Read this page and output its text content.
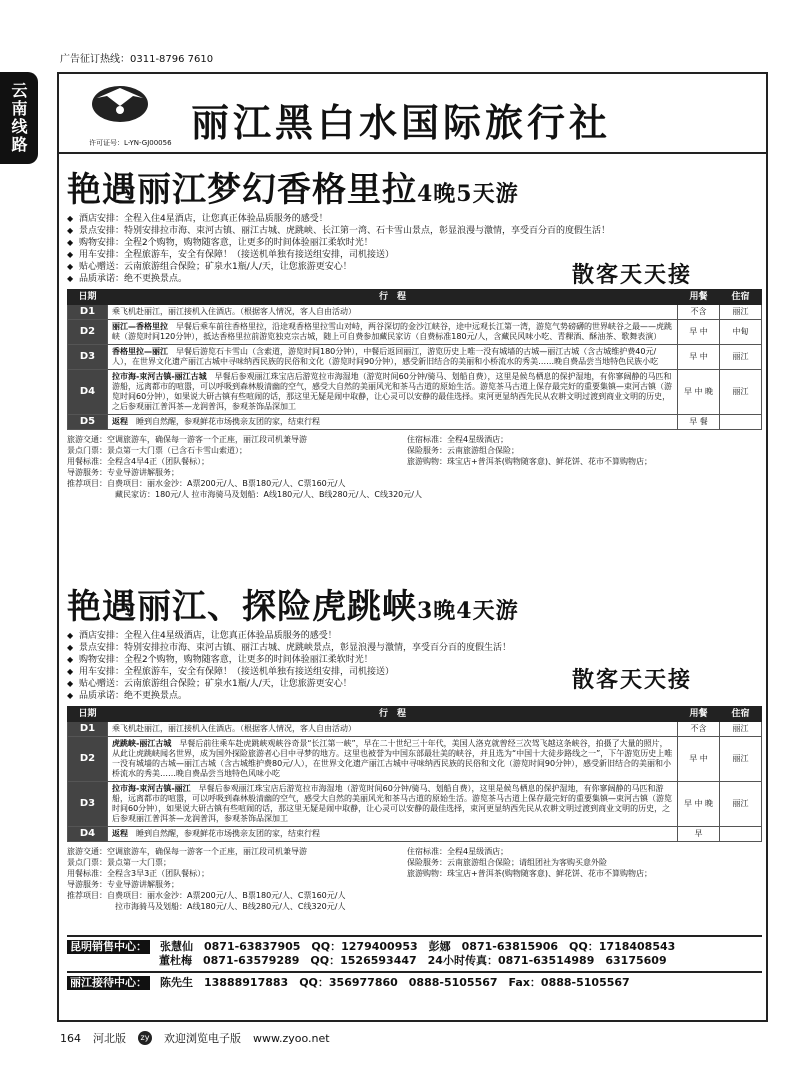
广告征订热线：0311-8796 7610
云南线路	丽江黑白水国际旅行社
许可证号：L-YN-GJ00056
艳遇丽江梦幻香格里拉4晚5天游
◆ 酒店安排：全程入住4星酒店，让您真正体验品质服务的感受！
◆ 景点安排：特别安排拉市海、束河古镇、丽江古城、虎跳峡、长江第一湾、石卡雪山景点，彰显浪漫与激情，享受百分百的度假生活！
◆ 购物安排：全程2个购物，购物随客意，让更多的时间体验丽江柔软时光！
◆ 用车安排：全程旅游车，安全有保障！（接送机单独有接送组安排，司机接送）
◆ 贴心赠送：云南旅游组合保险；矿泉水1瓶/人/天，让您旅游更安心！
◆ 品质承诺：绝不更换景点。	散客天天接
日期	行　程	用餐	住宿
D1	乘飞机赴丽江，丽江接机入住酒店。（根据客人情况，客人自由活动）	不含	丽江
D2	丽江—香格里拉　 早餐后乘车前往香格里拉，沿途观香格里拉雪山对峙，两谷深切的金沙江峡谷，途中远观长江第一湾，游览气势磅礴的世界峡谷之最——虎跳峡（游览时间120分钟），抵达香格里拉前游览独克宗古城，随上可自费参加藏民家访（自费标准180元/人，含藏民风味小吃、青稞酒、酥油茶、歌舞表演）	早 中	中甸
D3	香格里拉—丽江　 早餐后游览石卡雪山（含索道，游览时间180分钟），中餐后返回丽江，游览历史上唯一没有城墙的古城—丽江古城（含古城维护费40元/人），在世界文化遗产丽江古城中寻味纳西民族的民俗和文化（游览时间90分钟），感受新旧结合的美丽和小桥流水的秀美……晚自费品尝当地特色民族小吃	早 中	丽江
D4	拉市海-束河古镇-丽江古城　 早餐后参观丽江珠宝店后游览拉市海湿地（游览时间60分钟/骑马、划船自费），这里是候鸟栖息的保护湿地，有你寥阔静的马匹和游船，远离都市的喧嚣，可以呼吸到森林般清幽的空气，感受大自然的美丽风光和茶马古道的原始生活。游览茶马古道上保存最完好的重要集镇—束河古镇（游览时间60分钟），如果说大研古镇有些喧闹的话，那这里无疑是闹中取静，让心灵可以安静的最佳选择。束河更显纳西先民从农耕文明过渡到商业文明的历史，之后参观丽江普洱茶—龙润普洱，参观茶饰品深加工	早 中 晚	丽江
D5	返程　 睡到自然醒，参观鲜花市场携亲友团的家，结束行程	早 餐	
旅游交通：空调旅游车，确保每一游客一个正座，丽江段司机兼导游	住宿标准：全程4星级酒店；
景点门票：景点第一大门票（已含石卡雪山索道）；	保险服务：云南旅游组合保险；
用餐标准：全程含4早4正（团队餐标）；	旅游购物：珠宝店+普洱茶(购物随客意)、鲜花饼、花市不算购物店；
导游服务：专业导游讲解服务；
推荐项目：自费项目：丽水金沙：A票200元/人、B票180元/人、C票160元/人
藏民家访：180元/人 拉市海骑马及划船：A线180元/人、B线280元/人、C线320元/人
艳遇丽江、探险虎跳峡3晚4天游
◆ 酒店安排：全程入住4星级酒店，让您真正体验品质服务的感受！
◆ 景点安排：特别安排拉市海、束河古镇、丽江古城、虎跳峡景点，彰显浪漫与激情，享受百分百的度假生活！
◆ 购物安排：全程2个购物，购物随客意，让更多的时间体验丽江柔软时光！
◆ 用车安排：全程旅游车，安全有保障！（接送机单独有接送组安排，司机接送）
◆ 贴心赠送：云南旅游组合保险；矿泉水1瓶/人/天，让您旅游更安心！
◆ 品质承诺：绝不更换景点。
散客天天接
日期	行　程	用餐	住宿
D1	乘飞机赴丽江，丽江接机入住酒店。（根据客人情况，客人自由活动）	不含	丽江
D2	虎跳峡-丽江古城　 早餐后前往乘车赴虎跳峡观峡谷奇景“长江第一峡”，早在二十世纪三十年代，美国人洛克就曾经三次驾飞越这条峡谷，拍摄了大量的照片，从此让虎跳峡闻名世界，成为国外探险旅游者心目中寻梦的地方。这里也被誉为中国东部最壮美的峡谷，并且选为“中国十大徒步路线之一”，下午游览历史上唯一没有城墙的古城—丽江古城（含古城维护费80元/人），在世界文化遗产丽江古城中寻味纳西民族的民俗和文化（游览时间90分钟），感受新旧结合的美丽和小桥流水的秀美……晚自费品尝当地特色风味小吃	早 中	丽江
D3	拉市海-束河古镇-丽江　 早餐后参观丽江珠宝店后游览拉市海湿地（游览时间60分钟/骑马、划船自费），这里是候鸟栖息的保护湿地，有你寥阔静的马匹和游船，远离都市的喧嚣，可以呼吸到森林般清幽的空气，感受大自然的美丽风光和茶马古道的原始生活。游览茶马古道上保存最完好的重要集镇—束河古镇（游览时间60分钟），如果说大研古镇有些喧闹的话，那这里无疑是闹中取静，让心灵可以安静的最佳选择，束河更显纳西先民从农耕文明过渡到商业文明的历史，之后参观丽江普洱茶—龙润普洱，参观茶饰品深加工	早 中 晚	丽江
D4	返程　 睡到自然醒，参观鲜花市场携亲友团的家，结束行程	早	
旅游交通：空调旅游车，确保每一游客一个正座，丽江段司机兼导游	住宿标准：全程4星级酒店；
景点门票：景点第一大门票；	保险服务：云南旅游组合保险；请组团社为客购买意外险
用餐标准：全程含3早3正（团队餐标）；	旅游购物：珠宝店+普洱茶(购物随客意)、鲜花饼、花市不算购物店；
导游服务：专业导游讲解服务；
推荐项目：自费项目：丽水金沙：A票200元/人、B票180元/人、C票160元/人
拉市海骑马及划船：A线180元/人、B线280元/人、C线320元/人
昆明销售中心： 张慧仙　0871-63837905　QQ：1279400953　彭娜　0871-63815906　QQ：1718408543
董杜梅　0871-63579289　QQ：1526593447　24小时传真：0871-63514989　63175609
丽江接待中心： 陈先生　13888917883　QQ：356977860　0888-5105567　Fax：0888-5105567
164 河北版	zy 欢迎浏览电子版 www.zyoo.net
